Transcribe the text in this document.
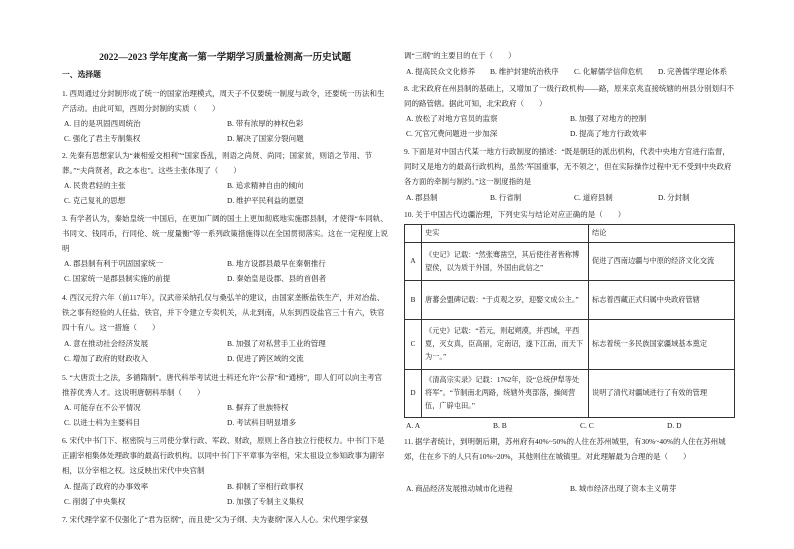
2022—2023 学年度高一第一学期学习质量检测高一历史试题
一、选择题

1. 西周通过分封制形成了统一的国家治理模式，周天子不仅要统一制度与政令，还要统一历法和生产活动。由此可知，西周分封制的实质（　　）

A. 目的是巩固西周统治	B. 带有浓厚的神权色彩
C. 强化了君主专制集权	D. 解决了国家分裂问题

2. 先秦有思想家认为“兼相爱交相利”“国家昏乱，则语之尚贤、尚同；国家贫，则语之节用、节葬。”“夫尚贤者，政之本也”。这些主张体现了（　　）

A. 民贵君轻的主张	B. 追求精神自由的倾向
C. 克己复礼的思想	D. 维护平民利益的愿望

3. 有学者认为，秦始皇统一中国后，在更加广阔的国土上更加彻底地实施郡县制，才使得“车同轨、书同文、钱同币，行同伦、统一度量衡”等一系列政策措施得以在全国贯彻落实。这在一定程度上说明

A. 郡县制有利于巩固国家统一	B. 地方设郡县最早在秦朝推行
C. 国家统一是郡县制实施的前提	D. 秦始皇是设郡、县的首倡者

4. 西汉元狩六年（前117年），汉武帝采纳孔仅与桑弘羊的建议，由国家垄断盐铁生产，并对冶盐、铁之事有经验的人任盐、铁官，并下令建立专卖机关，从北到南，从东到西设盐官三十有六，铁官四十有八。这一措施（　　）

A. 意在推动社会经济发展	B. 加强了对私营手工业的管理
C. 增加了政府的财政收入	D. 促进了跨区域的交流

5. “大唐贡士之法，多循隋制”。唐代科举考试进士科还允许“公荐”和“通榜”，即人们可以向主考官推荐优秀人才。这说明唐朝科举制（　　）

A. 可能存在不公平情况	B. 摒弃了世族特权
C. 以进士科为主要科目	D. 考试科目明显增多

6. 宋代中书门下、枢密院与三司使分掌行政、军政、财政，原则上各自独立行使权力。中书门下是正副宰相集体处理政事的最高行政机构。以同中书门下平章事为宰相，宋太祖设立参知政事为副宰相，以分宰相之权。这反映出宋代中央官制

A. 提高了政府的办事效率	B. 抑制了宰相行政事权
C. 削弱了中央集权	D. 加强了专制主义集权

7. 宋代理学家不仅强化了“君为臣纲”，而且使“父为子纲、夫为妻纲”深入人心。宋代理学家强

调“三纲”的主要目的在于（　　）

A. 提高民众文化修养	B. 维护封建统治秩序	C. 化解儒学信仰危机	D. 完善儒学理论体系

8. 北宋政府在州县制的基础上，又增加了一级行政机构——路，原来京兆直接统辖的州县分别划归不同的路管辖。据此可知，北宋政府（　　）

A. 放松了对地方官员的监察	B. 加强了对地方的控制
C. 冗官冗费问题进一步加深	D. 提高了地方行政效率

9. 下面是对中国古代某一地方行政制度的描述：“既是朝廷的派出机构，代表中央地方官进行监督，同时又是地方的最高行政机构，虽然‘军国重事，无不领之’，但在实际操作过程中无不受到中央政府各方面的牵制与制约。”这一制度指的是

A. 郡县制	B. 行省制	C. 道府县制	D. 分封制

10. 关于中国古代边疆治理，下列史实与结论对应正确的是（　　）

	史实	结论
A	《史记》记载：“然张骞凿空，其后使往者皆称博望侯，以为质于外国，外国由此信之”	促进了西南边疆与中原的经济文化交流
B	唐蕃会盟碑记载：“于贞观之岁，迎娶文成公主。”	标志着西藏正式归属中央政府管辖
C	《元史》记载：“若元，则起朔漠，并西域，平西夏，灭女真，臣高丽，定南诏，遂下江南，而天下为一。”	标志着统一多民族国家疆域基本奠定
D	《清高宗实录》记载：1762年，设“总统伊犁等处将军”。“节制南北两路，统辖外夷部落，操阅营伍，广辟屯田。”	说明了清代对疆域进行了有效的管理
A. A	B. B	C. C	D. D

11. 据学者统计，到明朝后期，苏州府有40%~50%的人住在苏州城里，有30%~40%的人住在苏州城郊，住在乡下的人只有10%~20%，其他则住在城镇里。对此理解最为合理的是（　　）

A. 商品经济发展推动城市化进程	B. 城市经济出现了资本主义萌芽
